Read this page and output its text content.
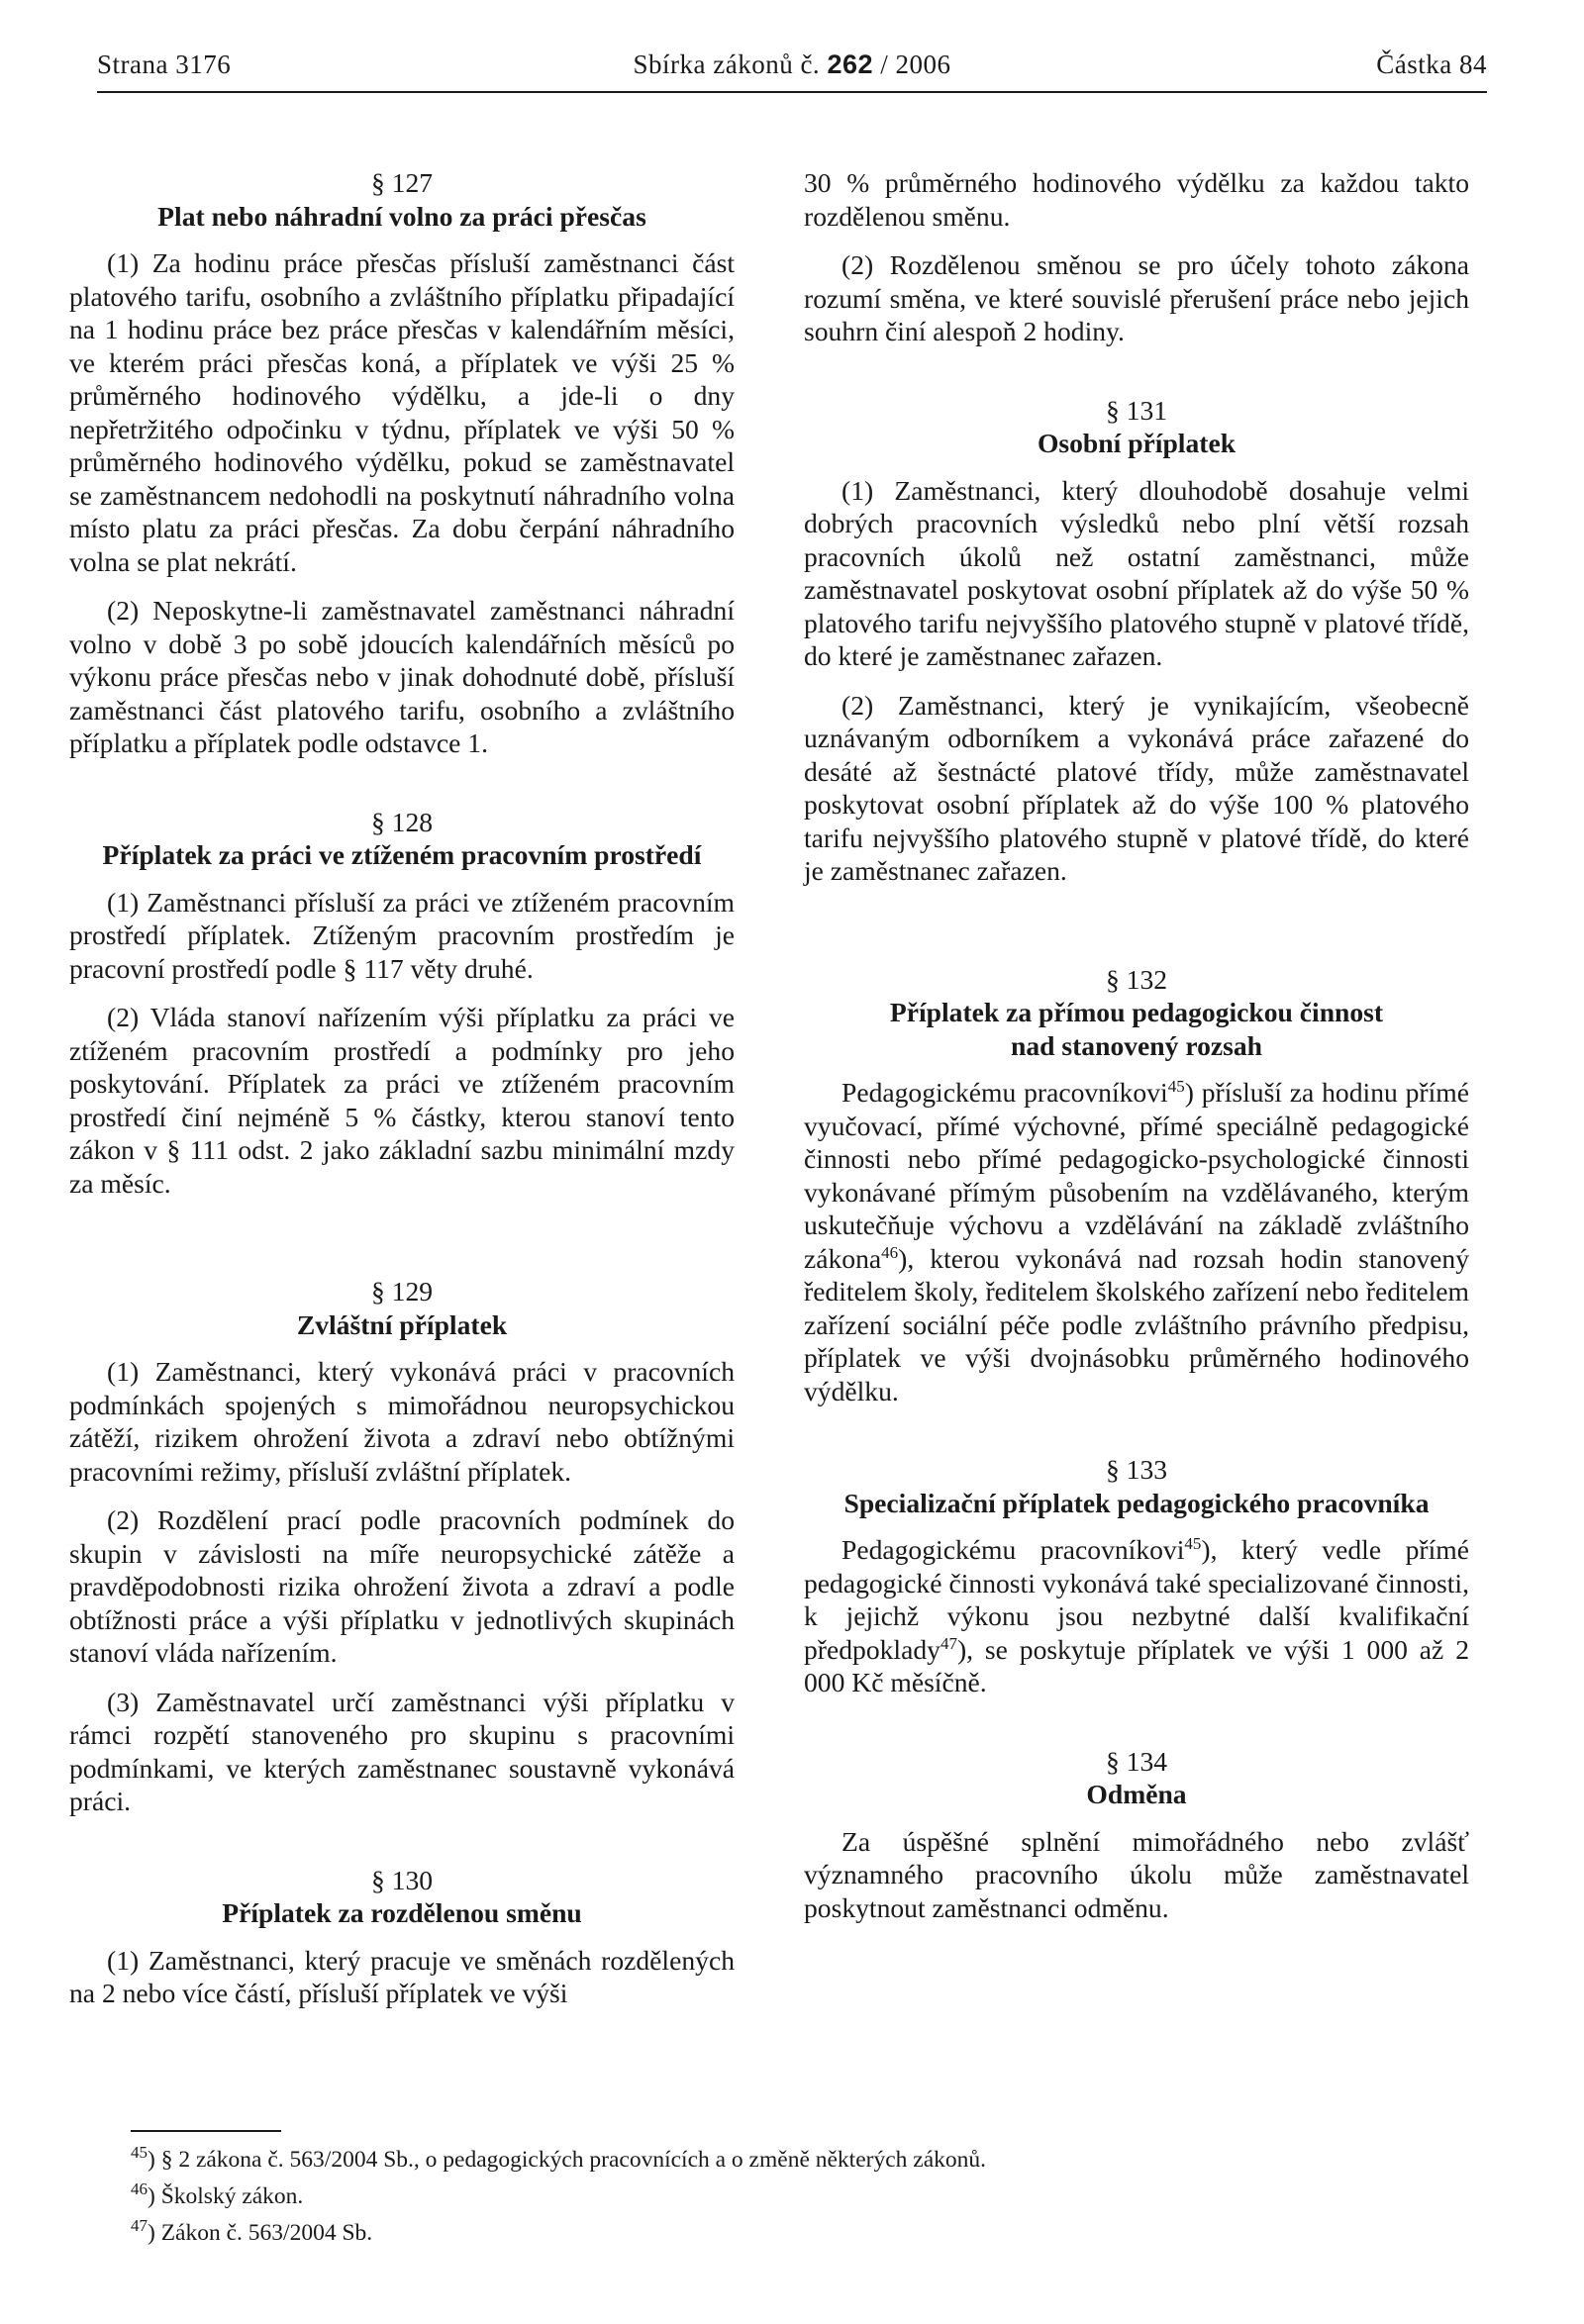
Strana 3176	Sbírka zákonů č. 262 / 2006	Částka 84

§ 127

Plat nebo náhradní volno za práci přesčas

(1) Za hodinu práce přesčas přísluší zaměstnanci část platového tarifu, osobního a zvláštního příplatku připadající na 1 hodinu práce bez práce přesčas v kalendářním měsíci, ve kterém práci přesčas koná, a příplatek ve výši 25 % průměrného hodinového výdělku, a jde-li o dny nepřetržitého odpočinku v týdnu, příplatek ve výši 50 % průměrného hodinového výdělku, pokud se zaměstnavatel se zaměstnancem nedohodli na poskytnutí náhradního volna místo platu za práci přesčas. Za dobu čerpání náhradního volna se plat nekrátí.

(2) Neposkytne-li zaměstnavatel zaměstnanci náhradní volno v době 3 po sobě jdoucích kalendářních měsíců po výkonu práce přesčas nebo v jinak dohodnuté době, přísluší zaměstnanci část platového tarifu, osobního a zvláštního příplatku a příplatek podle odstavce 1.

§ 128

Příplatek za práci ve ztíženém pracovním prostředí

(1) Zaměstnanci přísluší za práci ve ztíženém pracovním prostředí příplatek. Ztíženým pracovním prostředím je pracovní prostředí podle § 117 věty druhé.

(2) Vláda stanoví nařízením výši příplatku za práci ve ztíženém pracovním prostředí a podmínky pro jeho poskytování. Příplatek za práci ve ztíženém pracovním prostředí činí nejméně 5 % částky, kterou stanoví tento zákon v § 111 odst. 2 jako základní sazbu minimální mzdy za měsíc.

§ 129

Zvláštní příplatek

(1) Zaměstnanci, který vykonává práci v pracovních podmínkách spojených s mimořádnou neuropsychickou zátěží, rizikem ohrožení života a zdraví nebo obtížnými pracovními režimy, přísluší zvláštní příplatek.

(2) Rozdělení prací podle pracovních podmínek do skupin v závislosti na míře neuropsychické zátěže a pravděpodobnosti rizika ohrožení života a zdraví a podle obtížnosti práce a výši příplatku v jednotlivých skupinách stanoví vláda nařízením.

(3) Zaměstnavatel určí zaměstnanci výši příplatku v rámci rozpětí stanoveného pro skupinu s pracovními podmínkami, ve kterých zaměstnanec soustavně vykonává práci.

§ 130

Příplatek za rozdělenou směnu

(1) Zaměstnanci, který pracuje ve směnách rozdělených na 2 nebo více částí, přísluší příplatek ve výši

30 % průměrného hodinového výdělku za každou takto rozdělenou směnu.

(2) Rozdělenou směnou se pro účely tohoto zákona rozumí směna, ve které souvislé přerušení práce nebo jejich souhrn činí alespoň 2 hodiny.

§ 131

Osobní příplatek

(1) Zaměstnanci, který dlouhodobě dosahuje velmi dobrých pracovních výsledků nebo plní větší rozsah pracovních úkolů než ostatní zaměstnanci, může zaměstnavatel poskytovat osobní příplatek až do výše 50 % platového tarifu nejvyššího platového stupně v platové třídě, do které je zaměstnanec zařazen.

(2) Zaměstnanci, který je vynikajícím, všeobecně uznávaným odborníkem a vykonává práce zařazené do desáté až šestnácté platové třídy, může zaměstnavatel poskytovat osobní příplatek až do výše 100 % platového tarifu nejvyššího platového stupně v platové třídě, do které je zaměstnanec zařazen.

§ 132

Příplatek za přímou pedagogickou činnost
nad stanovený rozsah

Pedagogickému pracovníkovi$^{45}$) přísluší za hodinu přímé vyučovací, přímé výchovné, přímé speciálně pedagogické činnosti nebo přímé pedagogicko-psychologické činnosti vykonávané přímým působením na vzdělávaného, kterým uskutečňuje výchovu a vzdělávání na základě zvláštního zákona$^{46}$), kterou vykonává nad rozsah hodin stanovený ředitelem školy, ředitelem školského zařízení nebo ředitelem zařízení sociální péče podle zvláštního právního předpisu, příplatek ve výši dvojnásobku průměrného hodinového výdělku.

§ 133

Specializační příplatek pedagogického pracovníka

Pedagogickému pracovníkovi$^{45}$), který vedle přímé pedagogické činnosti vykonává také specializované činnosti, k jejichž výkonu jsou nezbytné další kvalifikační předpoklady$^{47}$), se poskytuje příplatek ve výši 1 000 až 2 000 Kč měsíčně.

§ 134

Odměna

Za úspěšné splnění mimořádného nebo zvlášť významného pracovního úkolu může zaměstnavatel poskytnout zaměstnanci odměnu.

$^{45}$) § 2 zákona č. 563/2004 Sb., o pedagogických pracovnících a o změně některých zákonů.
$^{46}$) Školský zákon.
$^{47}$) Zákon č. 563/2004 Sb.
